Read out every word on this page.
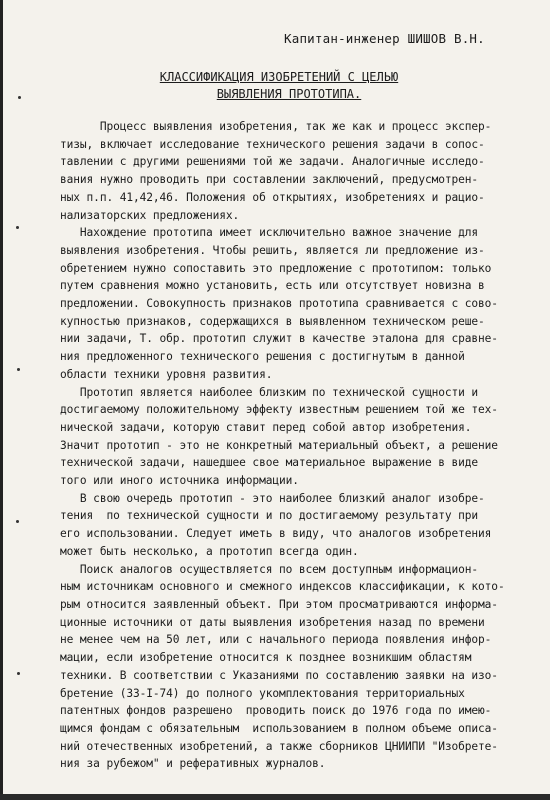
Капитан-инженер ШИШОВ В.Н.
КЛАССИФИКАЦИЯ ИЗОБРЕТЕНИЙ С ЦЕЛЬЮ
ВЫЯВЛЕНИЯ ПРОТОТИПА.

Процесс выявления изобретения, так же как и процесс экспер-
тизы, включает исследование технического решения задачи в сопос-
тавлении с другими решениями той же задачи. Аналогичные исследо-
вания нужно проводить при составлении заключений, предусмотрен-
ных п.п. 41,42,46. Положения об открытиях, изобретениях и рацио-
нализаторских предложениях.

Нахождение прототипа имеет исключительно важное значение для
выявления изобретения. Чтобы решить, является ли предложение из-
обретением нужно сопоставить это предложение с прототипом: только
путем сравнения можно установить, есть или отсутствует новизна в
предложении. Совокупность признаков прототипа сравнивается с сово-
купностью признаков, содержащихся в выявленном техническом реше-
нии задачи, Т. обр. прототип служит в качестве эталона для сравне-
ния предложенного технического решения с достигнутым в данной
области техники уровня развития.

Прототип является наиболее близким по технической сущности и
достигаемому положительному эффекту известным решением той же тех-
нической задачи, которую ставит перед собой автор изобретения.
Значит прототип - это не конкретный материальный объект, а решение
технической задачи, нашедшее свое материальное выражение в виде
того или иного источника информации.

В свою очередь прототип - это наиболее близкий аналог изобре-
тения  по технической сущности и по достигаемому результату при
его использовании. Следует иметь в виду, что аналогов изобретения
может быть несколько, а прототип всегда один.

Поиск аналогов осуществляется по всем доступным информацион-
ным источникам основного и смежного индексов классификации, к кото-
рым относится заявленный объект. При этом просматриваются информа-
ционные источники от даты выявления изобретения назад по времени
не менее чем на 50 лет, или с начального периода появления инфор-
мации, если изобретение относится к позднее возникшим областям
техники. В соответствии с Указаниями по составлению заявки на изо-
бретение (33-I-74) до полного укомплектования территориальных
патентных фондов разрешено  проводить поиск до 1976 года по имею-
щимся фондам с обязательным  использованием в полном объеме описа-
ний отечественных изобретений, а также сборников ЦНИИПИ "Изобрете-
ния за рубежом" и реферативных журналов.
